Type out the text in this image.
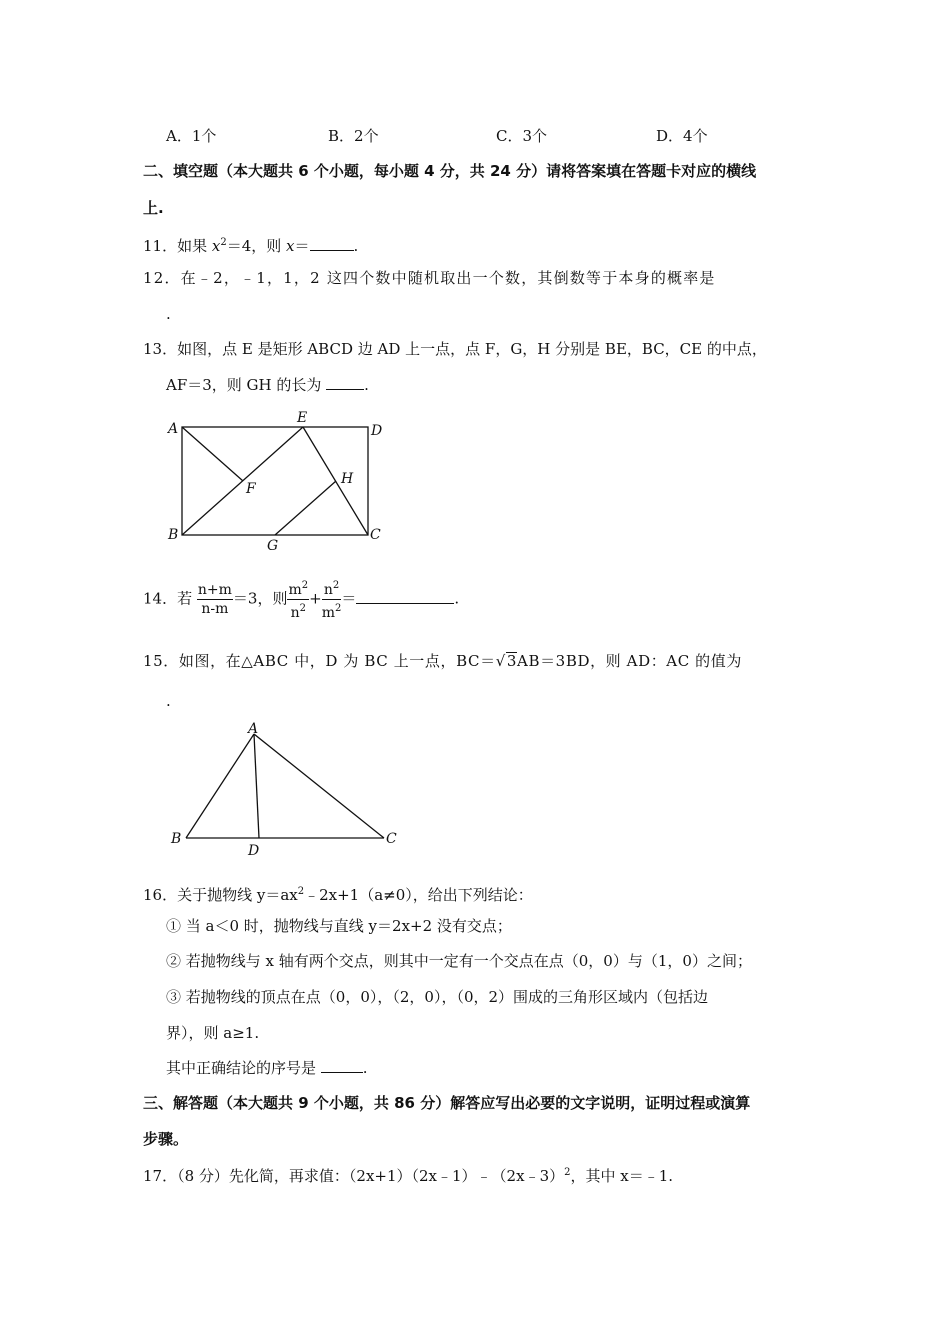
A．1个	B．2个	C．3个	D．4个
二、填空题（本大题共 6 个小题，每小题 4 分，共 24 分）请将答案填在答题卡对应的横线
上.
11．如果 $x^2=4$，则 x＝	.
12．在﹣2，﹣1，1，2 这四个数中随机取出一个数，其倒数等于本身的概率是
.
13．如图，点 E 是矩形 ABCD 边 AD 上一点，点 F，G，H 分别是 BE，BC，CE 的中点，
AF＝3，则 GH 的长为	.
A
E
D
F
H
B
G
C
14．若 $\frac{n+m}{n-m} =3$，则 $\frac{m^2}{n^2} + \frac{n^2}{m^2}$ ＝	.
15．如图，在△ABC 中，D 为 BC 上一点，BC＝√3AB＝3BD，则 AD：AC 的值为
.
A
B
D
C
16．关于抛物线 $y=ax^2﹣2x+1(a\ne 0)$，给出下列结论：
① 当 a＜0 时，抛物线与直线 y＝2x+2 没有交点；
② 若抛物线与 x 轴有两个交点，则其中一定有一个交点在点（0，0）与（1，0）之间；
③ 若抛物线的顶点在点（0，0），（2，0），（0，2）围成的三角形区域内（包括边
界），则 a≥1.
其中正确结论的序号是	.
三、解答题（本大题共 9 个小题，共 86 分）解答应写出必要的文字说明，证明过程或演算
步骤。
17．（8 分）先化简，再求值：（2x+1）（2x﹣1）﹣（2x﹣3）$^2$，其中 x＝﹣1.
